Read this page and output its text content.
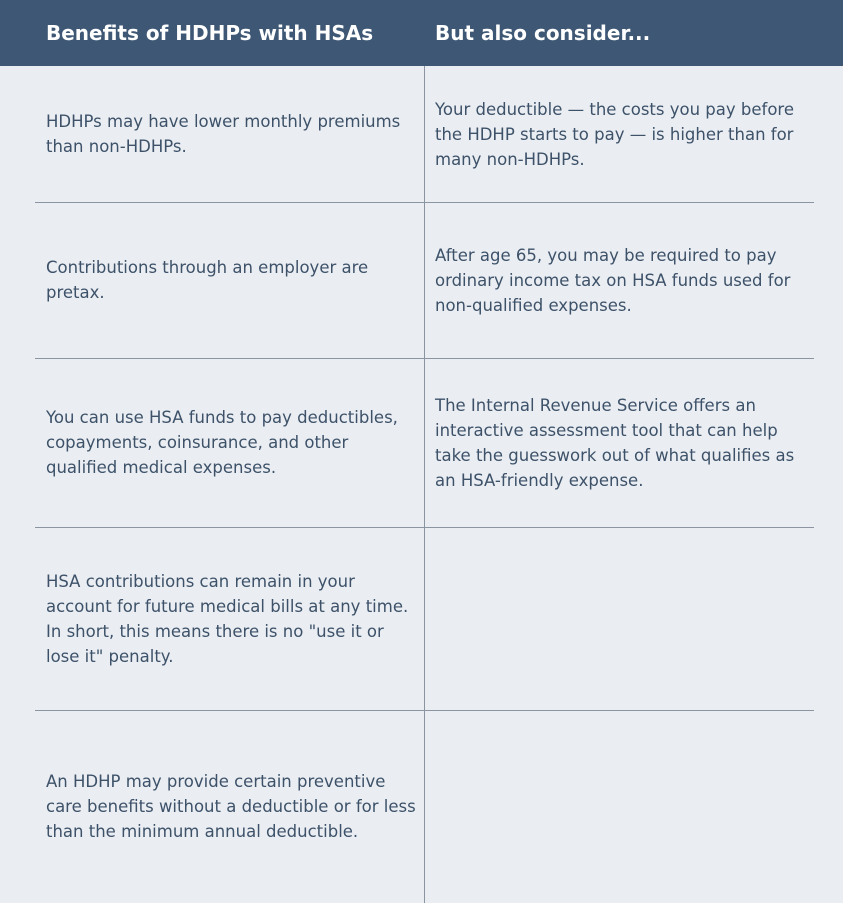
Benefits of HDHPs with HSAs	But also consider...
HDHPs may have lower monthly premiums than non-HDHPs.
Your deductible — the costs you pay before the HDHP starts to pay — is higher than for many non-HDHPs.
Contributions through an employer are pretax.
After age 65, you may be required to pay ordinary income tax on HSA funds used for non-qualified expenses.
You can use HSA funds to pay deductibles, copayments, coinsurance, and other qualified medical expenses.
The Internal Revenue Service offers an interactive assessment tool that can help take the guesswork out of what qualifies as an HSA-friendly expense.
HSA contributions can remain in your account for future medical bills at any time. In short, this means there is no "use it or lose it" penalty.
An HDHP may provide certain preventive care benefits without a deductible or for less than the minimum annual deductible.
